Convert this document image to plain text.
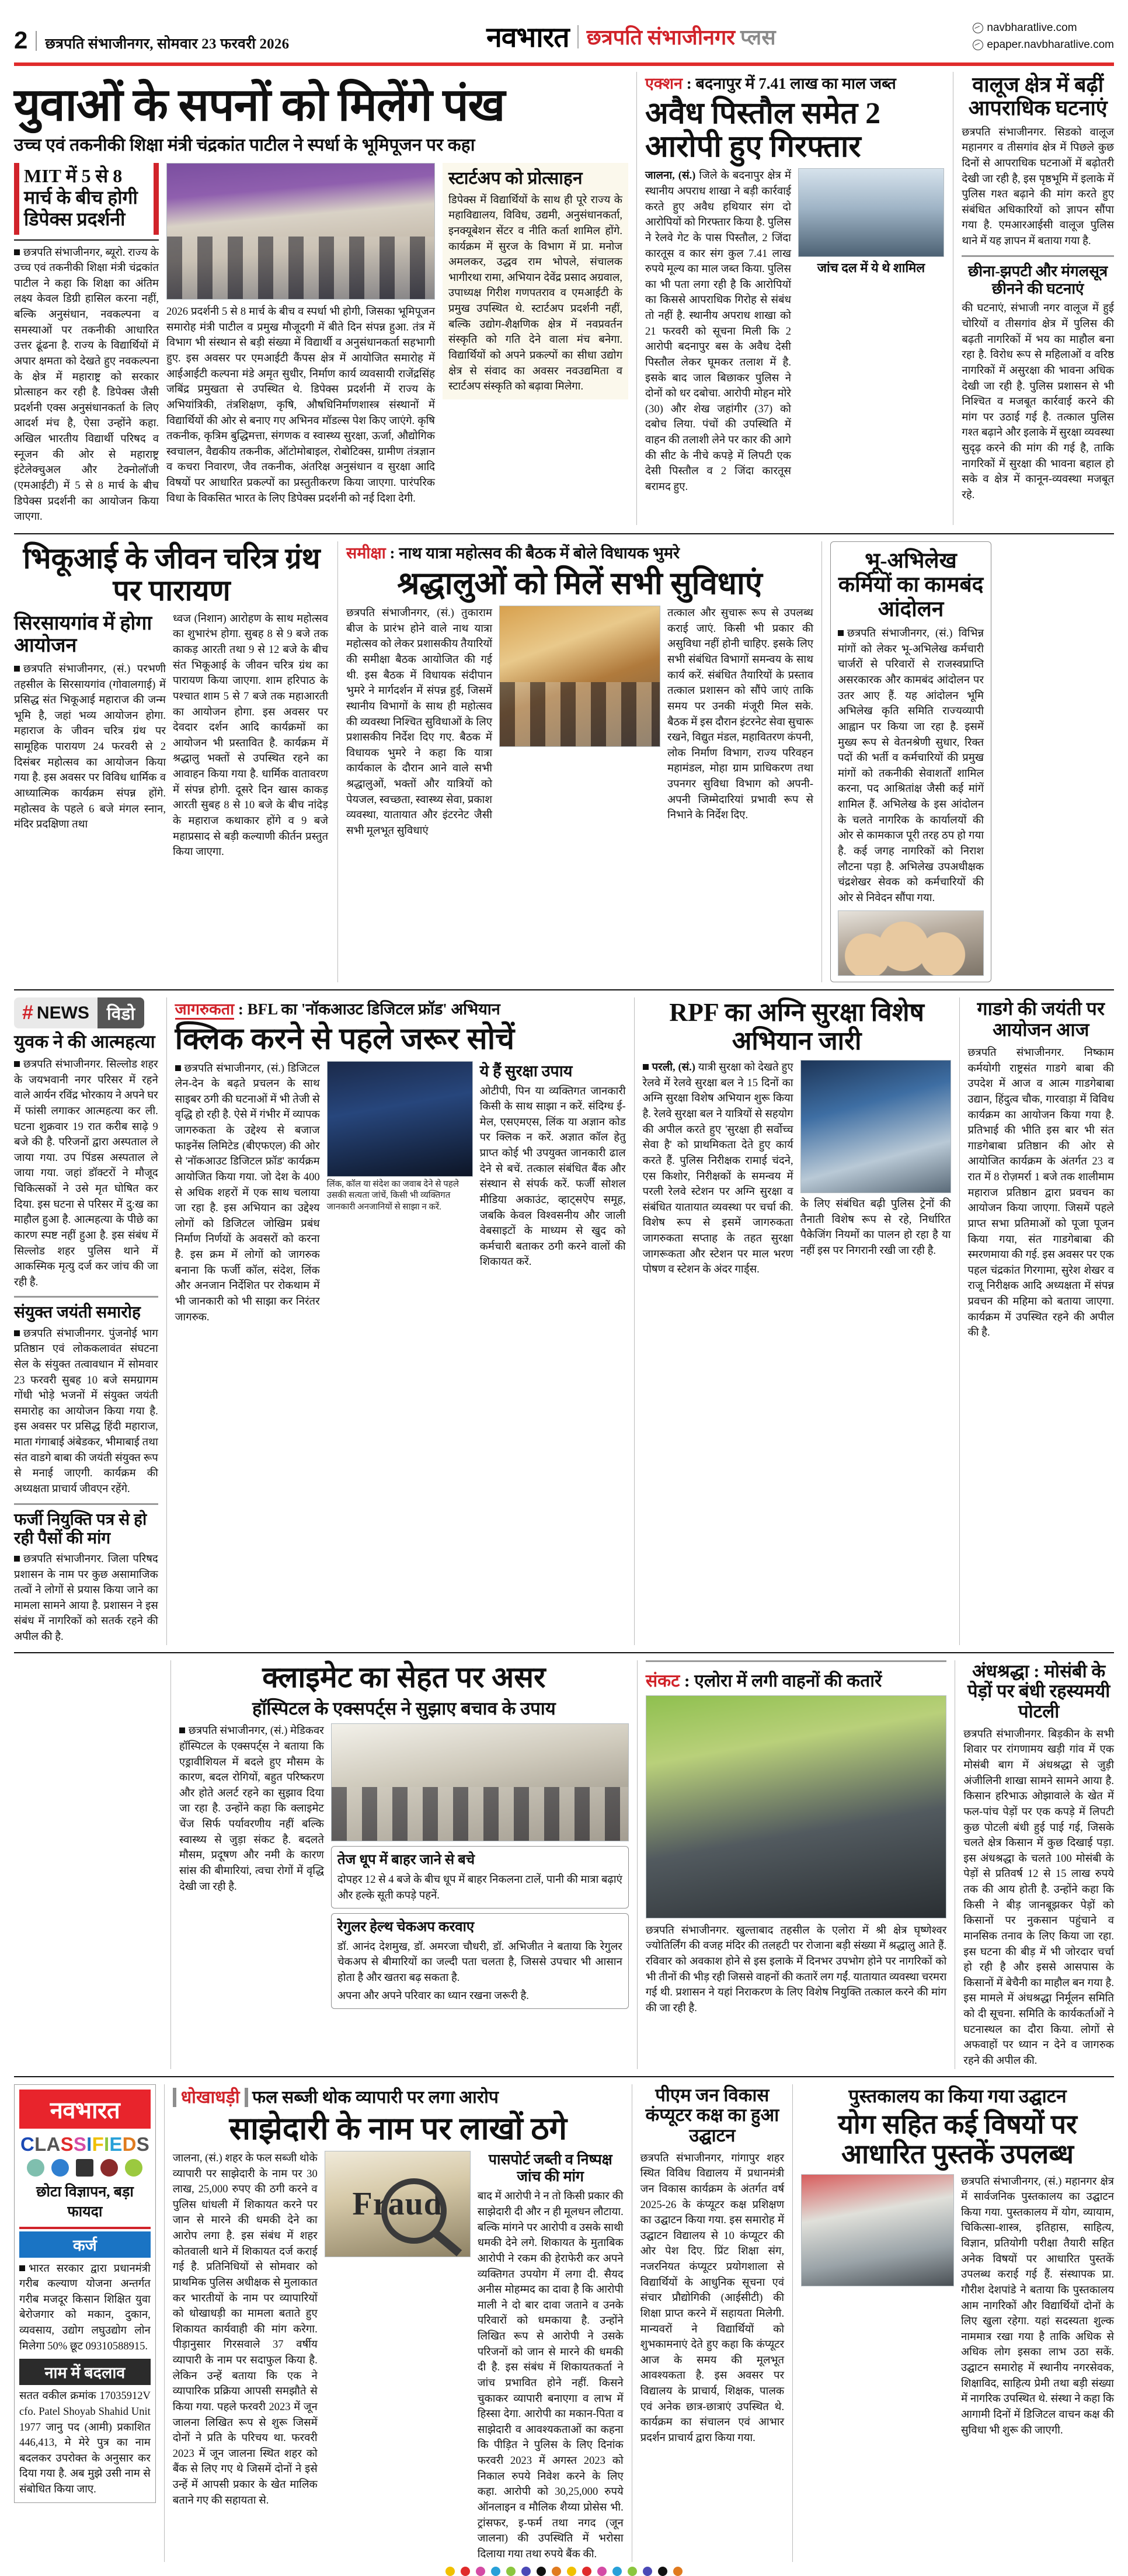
2 छत्रपति संभाजीनगर, सोमवार 23 फरवरी 2026	नवभारत छत्रपति संभाजीनगर प्लस	navbharatlive.com
epaper.navbharatlive.com
युवाओं के सपनों को मिलेंगे पंख
उच्च एवं तकनीकी शिक्षा मंत्री चंद्रकांत पाटील ने स्पर्धा के भूमिपूजन पर कहा
MIT में 5 से 8 मार्च के बीच होगी डिपेक्स प्रदर्शनी
छत्रपति संभाजीनगर, ब्यूरो. राज्य के उच्च एवं तकनीकी शिक्षा मंत्री चंद्रकांत पाटील ने कहा कि शिक्षा का अंतिम लक्ष्य केवल डिग्री हासिल करना नहीं, बल्कि अनुसंधान, नवकल्पना व समस्याओं पर तकनीकी आधारित उत्तर ढूंढना है. राज्य के विद्यार्थियों में अपार क्षमता को देखते हुए नवकल्पना के क्षेत्र में महाराष्ट्र को सरकार प्रोत्साहन कर रही है. डिपेक्स जैसी प्रदर्शनी एक्स अनुसंधानकर्ता के लिए आदर्श मंच है, ऐसा उन्होंने कहा. अखिल भारतीय विद्यार्थी परिषद व स्नूजन की ओर से महाराष्ट्र इंटेलेक्चुअल और टेक्नोलॉजी (एमआईटी) में 5 से 8 मार्च के बीच डिपेक्स प्रदर्शनी का आयोजन किया जाएगा.
2026 प्रदर्शनी 5 से 8 मार्च के बीच व स्पर्धा भी होगी, जिसका भूमिपूजन समारोह मंत्री पाटील व प्रमुख मौजूदगी में बीते दिन संपन्न हुआ. तंत्र में विभाग भी संस्थान से बड़ी संख्या में विद्यार्थी व अनुसंधानकर्ता सहभागी हुए. इस अवसर पर एमआईटी कैंपस क्षेत्र में आयोजित समारोह में आईआईटी कल्पना मंडे अमृत सुधीर, निर्माण कार्य व्यवसायी राजेंद्रसिंह जबिंद्र प्रमुखता से उपस्थित थे. डिपेक्स प्रदर्शनी में राज्य के अभियांत्रिकी, तंत्रशिक्षण, कृषि, औषधिनिर्माणशास्त्र संस्थानों में विद्यार्थियों की ओर से बनाए गए अभिनव मॉडल्स पेश किए जाएंगे. कृषि तकनीक, कृत्रिम बुद्धिमत्ता, संगणक व स्वास्थ्य सुरक्षा, ऊर्जा, औद्योगिक स्वचालन, वैद्यकीय तकनीक, ऑटोमोबाइल, रोबोटिक्स, ग्रामीण तंत्रज्ञान व कचरा निवारण, जैव तकनीक, अंतरिक्ष अनुसंधान व सुरक्षा आदि विषयों पर आधारित प्रकल्पों का प्रस्तुतीकरण किया जाएगा. पारंपरिक विधा के विकसित भारत के लिए डिपेक्स प्रदर्शनी को नई दिशा देगी.
स्टार्टअप को प्रोत्साहन
डिपेक्स में विद्यार्थियों के साथ ही पूरे राज्य के महाविद्यालय, विविध, उद्यमी, अनुसंधानकर्ता, इनक्यूबेशन सेंटर व नीति कर्ता शामिल होंगे. कार्यक्रम में सुरज के विभाग में प्रा. मनोज अमलकर, उद्धव राम भोपले, संचालक भागीरथा रामा, अभियान देवेंद्र प्रसाद अग्रवाल, उपाध्यक्ष गिरीश गणपतराव व एमआईटी के प्रमुख उपस्थित थे. स्टार्टअप प्रदर्शनी नहीं, बल्कि उद्योग-शैक्षणिक क्षेत्र में नवप्रवर्तन संस्कृति को गति देने वाला मंच बनेगा. विद्यार्थियों को अपने प्रकल्पों का सीधा उद्योग क्षेत्र से संवाद का अवसर नवउद्यमिता व स्टार्टअप संस्कृति को बढ़ावा मिलेगा.
एक्शन : बदनापुर में 7.41 लाख का माल जब्त
अवैध पिस्तौल समेत 2 आरोपी हुए गिरफ्तार
जालना, (सं.) जिले के बदनापुर क्षेत्र में स्थानीय अपराध शाखा ने बड़ी कार्रवाई करते हुए अवैध हथियार संग दो आरोपियों को गिरफ्तार किया है. पुलिस ने रेलवे गेट के पास पिस्तौल, 2 जिंदा कारतूस व कार संग कुल 7.41 लाख रुपये मूल्य का माल जब्त किया. पुलिस का भी पता लगा रही है कि आरोपियों का किससे आपराधिक गिरोह से संबंध तो नहीं है. स्थानीय अपराध शाखा को 21 फरवरी को सूचना मिली कि 2 आरोपी बदनापुर बस के अवैध देसी पिस्तौल लेकर घूमकर तलाश में है. इसके बाद जाल बिछाकर पुलिस ने दोनों को धर दबोचा. आरोपी मोहन मोरे (30) और शेख जहांगीर (37) को दबोच लिया. पंचों की उपस्थिति में वाहन की तलाशी लेने पर कार की आगे की सीट के नीचे कपड़े में लिपटी एक देसी पिस्तौल व 2 जिंदा कारतूस बरामद हुए.
जांच दल में ये थे शामिल
वालूज क्षेत्र में बढ़ीं आपराधिक घटनाएं
छत्रपति संभाजीनगर. सिडको वालूज महानगर व तीसगांव क्षेत्र में पिछले कुछ दिनों से आपराधिक घटनाओं में बढ़ोतरी देखी जा रही है, इस पृष्ठभूमि में इलाके में पुलिस गश्त बढ़ाने की मांग करते हुए संबंधित अधिकारियों को ज्ञापन सौंपा गया है. एमआरआईसी वालूज पुलिस थाने में यह ज्ञापन में बताया गया है.
छीना-झपटी और मंगलसूत्र छीनने की घटनाएं
की घटनाएं, संभाजी नगर वालूज में हुई चोरियों व तीसगांव क्षेत्र में पुलिस की बढ़ती नागरिकों में भय का माहौल बना रहा है. विरोध रूप से महिलाओं व वरिष्ठ नागरिकों में असुरक्षा की भावना अधिक देखी जा रही है. पुलिस प्रशासन से भी निश्चित व मजबूत कार्रवाई करने की मांग पर उठाई गई है. तत्काल पुलिस गश्त बढ़ाने और इलाके में सुरक्षा व्यवस्था सुदृढ़ करने की मांग की गई है, ताकि नागरिकों में सुरक्षा की भावना बहाल हो सके व क्षेत्र में कानून-व्यवस्था मजबूत रहे.
भिकूआई के जीवन चरित्र ग्रंथ पर पारायण
सिरसायगांव में होगा आयोजन
छत्रपति संभाजीनगर, (सं.) परभणी तहसील के सिरसायगांव (गोवालगाई) में प्रसिद्ध संत भिकूआई महाराज की जन्म भूमि है, जहां भव्य आयोजन होगा. महाराज के जीवन चरित्र ग्रंथ पर सामूहिक पारायण 24 फरवरी से 2 दिसंबर महोत्सव का आयोजन किया गया है. इस अवसर पर विविध धार्मिक व आध्यात्मिक कार्यक्रम संपन्न होंगे. महोत्सव के पहले 6 बजे मंगल स्नान, मंदिर प्रदक्षिणा तथा
ध्वज (निशान) आरोहण के साथ महोत्सव का शुभारंभ होगा. सुबह 8 से 9 बजे तक काकड़ आरती तथा 9 से 12 बजे के बीच संत भिकूआई के जीवन चरित्र ग्रंथ का पारायण किया जाएगा. शाम हरिपाठ के पश्चात शाम 5 से 7 बजे तक महाआरती का आयोजन होगा. इस अवसर पर देवदार दर्शन आदि कार्यक्रमों का आयोजन भी प्रस्तावित है. कार्यक्रम में श्रद्धालु भक्तों से उपस्थित रहने का आवाहन किया गया है. धार्मिक वातावरण में संपन्न होगी. दूसरे दिन खास काकड़ आरती सुबह 8 से 10 बजे के बीच नांदेड़ के महाराज कथाकार होंगे व 9 बजे महाप्रसाद से बड़ी कल्याणी कीर्तन प्रस्तुत किया जाएगा.
समीक्षा : नाथ यात्रा महोत्सव की बैठक में बोले विधायक भुमरे
श्रद्धालुओं को मिलें सभी सुविधाएं
छत्रपति संभाजीनगर, (सं.) तुकाराम बीज के प्रारंभ होने वाले नाथ यात्रा महोत्सव को लेकर प्रशासकीय तैयारियों की समीक्षा बैठक आयोजित की गई थी. इस बैठक में विधायक संदीपान भुमरे ने मार्गदर्शन में संपन्न हुई, जिसमें स्थानीय विभागों के साथ ही महोत्सव की व्यवस्था निश्चित सुविधाओं के लिए प्रशासकीय निर्देश दिए गए. बैठक में विधायक भुमरे ने कहा कि यात्रा कार्यकाल के दौरान आने वाले सभी श्रद्धालुओं, भक्तों और यात्रियों को पेयजल, स्वच्छता, स्वास्थ्य सेवा, प्रकाश व्यवस्था, यातायात और इंटरनेट जैसी सभी मूलभूत सुविधाएं
तत्काल और सुचारू रूप से उपलब्ध कराई जाएं. किसी भी प्रकार की असुविधा नहीं होनी चाहिए. इसके लिए सभी संबंधित विभागों समन्वय के साथ कार्य करें. संबंधित तैयारियों के प्रस्ताव तत्काल प्रशासन को सौंपे जाएं ताकि समय पर उनकी मंजूरी मिल सके. बैठक में इस दौरान इंटरनेट सेवा सुचारू रखने, विद्युत मंडल, महावितरण कंपनी, लोक निर्माण विभाग, राज्य परिवहन महामंडल, मोहा ग्राम प्राधिकरण तथा उपनगर सुविधा विभाग को अपनी-अपनी जिम्मेदारियां प्रभावी रूप से निभाने के निर्देश दिए.
भू-अभिलेख कर्मियों का कामबंद आंदोलन
छत्रपति संभाजीनगर, (सं.) विभिन्न मांगों को लेकर भू-अभिलेख कर्मचारी चार्जरों से परिवारों से राजस्वप्राप्ति असरकारक और कामबंद आंदोलन पर उतर आए हैं. यह आंदोलन भूमि अभिलेख कृति समिति राज्यव्यापी आह्वान पर किया जा रहा है. इसमें मुख्य रूप से वेतनश्रेणी सुधार, रिक्त पदों की भर्ती व कर्मचारियों की प्रमुख मांगों को तकनीकी सेवाशर्तों शामिल करना, पद आश्रितांक्ष जैसी कई मांगें शामिल हैं. अभिलेख के इस आंदोलन के चलते नागरिक के कार्यालयों की ओर से कामकाज पूरी तरह ठप हो गया है. कई जगह नागरिकों को निराश लौटना पड़ा है. अभिलेख उपअधीक्षक चंद्रशेखर सेवक को कर्मचारियों की ओर से निवेदन सौंपा गया.
# NEWS	विडो
युवक ने की आत्महत्या
छत्रपति संभाजीनगर. सिल्लोड शहर के जयभवानी नगर परिसर में रहने वाले आर्यन रविंद्र भोरकाय ने अपने घर में फांसी लगाकर आत्महत्या कर ली. घटना शुक्रवार 19 रात करीब साढ़े 9 बजे की है. परिजनों द्वारा अस्पताल ले जाया गया. उप पिंडस अस्पताल ले जाया गया. जहां डॉक्टरों ने मौजूद चिकित्सकों ने उसे मृत घोषित कर दिया. इस घटना से परिसर में दु:ख का माहौल हुआ है. आत्महत्या के पीछे का कारण स्पष्ट नहीं हुआ है. इस संबंध में सिल्लोड शहर पुलिस थाने में आकस्मिक मृत्यु दर्ज कर जांच की जा रही है.
संयुक्त जयंती समारोह
छत्रपति संभाजीनगर. पुंजनोई भाग प्रतिष्ठान एवं लोककलावंत संघटना सेल के संयुक्त तत्वावधान में सोमवार 23 फरवरी सुबह 10 बजे समग्रागम गोंधी भोड़े भजनों में संयुक्त जयंती समारोह का आयोजन किया गया है. इस अवसर पर प्रसिद्ध हिंदी महाराज, माता गंगाबाई अंबेडकर, भीमाबाई तथा संत वाडगे बाबा की जयंती संयुक्त रूप से मनाई जाएगी. कार्यक्रम की अध्यक्षता प्राचार्य जीवएन रहेंगे.
फर्जी नियुक्ति पत्र से हो रही पैसों की मांग
छत्रपति संभाजीनगर. जिला परिषद प्रशासन के नाम पर कुछ असामाजिक तत्वों ने लोगों से प्रयास किया जाने का मामला सामने आया है. प्रशासन ने इस संबंध में नागरिकों को सतर्क रहने की अपील की है.
जागरुकता : BFL का 'नॉकआउट डिजिटल फ्रॉड' अभियान
क्लिक करने से पहले जरूर सोचें
छत्रपति संभाजीनगर, (सं.) डिजिटल लेन-देन के बढ़ते प्रचलन के साथ साइबर ठगी की घटनाओं में भी तेजी से वृद्धि हो रही है. ऐसे में गंभीर में व्यापक जागरुकता के उद्देश्य से बजाज फाइनेंस लिमिटेड (बीएफएल) की ओर से 'नॉकआउट डिजिटल फ्रॉड' कार्यक्रम आयोजित किया गया. जो देश के 400 से अधिक शहरों में एक साथ चलाया जा रहा है. इस अभियान का उद्देश्य लोगों को डिजिटल जोखिम प्रबंध निर्माण निर्णयों के अवसरों को करना है. इस क्रम में लोगों को जागरुक बनाना कि फर्जी कॉल, संदेश, लिंक और अनजान निर्देशित पर रोकथाम में भी जानकारी को भी साझा कर निरंतर जागरुक.
लिंक, कॉल या संदेश का जवाब देने से पहले उसकी सत्यता जांचें, किसी भी व्यक्तिगत जानकारी अनजानियों से साझा न करें.
ये हैं सुरक्षा उपाय
ओटीपी, पिन या व्यक्तिगत जानकारी किसी के साथ साझा न करें. संदिग्ध ई-मेल, एसएमएस, लिंक या अज्ञान कोड पर क्लिक न करें. अज्ञात कॉल हेतु प्राप्त कोई भी उपयुक्त जानकारी ढाल देने से बचें. तत्काल संबंधित बैंक और संस्थान से संपर्क करें. फर्जी सोशल मीडिया अकाउंट, व्हाट्सऐप समूह, जबकि केवल विश्वसनीय और जाली वेबसाइटों के माध्यम से खुद को कर्मचारी बताकर ठगी करने वालों की शिकायत करें.
RPF का अग्नि सुरक्षा विशेष अभियान जारी
परली, (सं.) यात्री सुरक्षा को देखते हुए रेलवे में रेलवे सुरक्षा बल ने 15 दिनों का अग्नि सुरक्षा विशेष अभियान शुरू किया है. रेलवे सुरक्षा बल ने यात्रियों से सहयोग की अपील करते हुए 'सुरक्षा ही सर्वोच्च सेवा है' को प्राथमिकता देते हुए कार्य करते हैं. पुलिस निरीक्षक रामाई चंदने, एस किशोर, निरीक्षकों के समन्वय में परली रेलवे स्टेशन पर अग्नि सुरक्षा व संबंधित यातायात व्यवस्था पर चर्चा की. विशेष रूप से इसमें जागरुकता जागरुकता सप्ताह के तहत सुरक्षा जागरूकता और स्टेशन पर माल भरण पोषण व स्टेशन के अंदर गार्ड्स.
के लिए संबंधित बढ़ी पुलिस ट्रेनों की तैनाती विशेष रूप से रहे, निर्धारित पैकेजिंग नियमों का पालन हो रहा है या नहीं इस पर निगरानी रखी जा रही है.
गाडगे की जयंती पर आयोजन आज
छत्रपति संभाजीनगर. निष्काम कर्मयोगी राष्ट्रसंत गाडगे बाबा की उपदेश में आज व आत्म गाडगेबाबा उद्यान, हिंदुत्व चौक, गारवाड़ा में विविध कार्यक्रम का आयोजन किया गया है. प्रतिभाई की भीति इस बार भी संत गाडगेबाबा प्रतिष्ठान की ओर से आयोजित कार्यक्रम के अंतर्गत 23 व रात में 8 रोज़मर्रा 1 बजे तक शालीमाम महाराज प्रतिष्ठान द्वारा प्रवचन का आयोजन किया जाएगा. जिसमें पहले प्राप्त सभा प्रतिमाओं को पूजा पूजन किया गया, संत गाडगेबाबा की स्मरणमाया की गई. इस अवसर पर एक पहल चंद्रकांत गिरगामा, सुरेश शेखर व राजू निरीक्षक आदि अध्यक्षता में संपन्न प्रवचन की महिमा को बताया जाएगा. कार्यक्रम में उपस्थित रहने की अपील की है.
क्लाइमेट का सेहत पर असर
हॉस्पिटल के एक्सपर्ट्स ने सुझाए बचाव के उपाय
छत्रपति संभाजीनगर, (सं.) मेडिकवर हॉस्पिटल के एक्सपर्ट्स ने बताया कि एड्रावीशियल में बदले हुए मौसम के कारण, बदल रोगियों, बहुत परिष्करण और होते अलर्ट रहने का सुझाव दिया जा रहा है. उन्होंने कहा कि क्लाइमेट चेंज सिर्फ पर्यावरणीय नहीं बल्कि स्वास्थ्य से जुड़ा संकट है. बदलते मौसम, प्रदूषण और नमी के कारण सांस की बीमारियां, त्वचा रोगों में वृद्धि देखी जा रही है.
तेज धूप में बाहर जाने से बचे
दोपहर 12 से 4 बजे के बीच धूप में बाहर निकलना टालें, पानी की मात्रा बढ़ाएं और हल्के सूती कपड़े पहनें.
रेगुलर हेल्थ चेकअप करवाए
डॉ. आनंद देशमुख, डॉ. अमरजा चौधरी, डॉ. अभिजीत ने बताया कि रेगुलर चेकअप से बीमारियों का जल्दी पता चलता है, जिससे उपचार भी आसान होता है और खतरा बढ़ सकता है.
अपना और अपने परिवार का ध्यान रखना जरूरी है.
संकट : एलोरा में लगी वाहनों की कतारें
छत्रपति संभाजीनगर. खुल्ताबाद तहसील के एलोरा में श्री क्षेत्र घृष्णेश्वर ज्योतिर्लिंग की वजह मंदिर की तलहटी पर रोजाना बड़ी संख्या में श्रद्धालु आते हैं. रविवार को अवकाश होने से इस इलाके में दिनभर उपभोग होने पर नागरिकों को भी तीनों की भीड़ रही जिससे वाहनों की कतारें लग गईं. यातायात व्यवस्था चरमरा गई थी. प्रशासन ने यहां निराकरण के लिए विशेष नियुक्ति तत्काल करने की मांग की जा रही है.
अंधश्रद्धा : मोसंबी के पेड़ों पर बंधी रहस्यमयी पोटली
छत्रपति संभाजीनगर. बिड़कीन के सभी शिवार पर रांगणामय खड़ी गांव में एक मोसंबी बाग में अंधश्रद्धा से जुड़ी अंजीलिनी शाखा सामने सामने आया है. किसान हरिभाऊ ओझावाले के खेत में फल-पांच पेड़ों पर एक कपड़े में लिपटी कुछ पोटली बंधी हुई पाई गई, जिसके चलते क्षेत्र किसान में कुछ दिखाई पड़ा. इस अंधश्रद्धा के चलते 100 मोसंबी के पेड़ों से प्रतिवर्ष 12 से 15 लाख रुपये तक की आय होती है. उन्होंने कहा कि किसी ने बीड़ जानबूझकर पेड़ों को किसानों पर नुकसान पहुंचाने व मानसिक तनाव के लिए किया जा रहा. इस घटना की बीड़ में भी जोरदार चर्चा हो रही है और इससे आसपास के किसानों में बेचैनी का माहौल बन गया है. इस मामले में अंधश्रद्धा निर्मूलन समिति को दी सूचना. समिति के कार्यकर्ताओं ने घटनास्थल का दौरा किया. लोगों से अफवाहों पर ध्यान न देने व जागरुक रहने की अपील की.
नवभारत
C L A S S I F I E D S
छोटा विज्ञापन, बड़ा फायदा
कर्ज
भारत सरकार द्वारा प्रधानमंत्री गरीब कल्याण योजना अन्तर्गत गरीब मजदूर किसान शिक्षित युवा बेरोजगार को मकान, दुकान, व्यवसाय, उद्योग लघुउद्योग लोन मिलेगा 50% छूट 09310588915.
नाम में बदलाव
सतत वकील क्रमांक 17035912V cfo. Patel Shoyab Shahid Unit 1977 जानु पद (आमी) प्रकाशित 446,413, मे मेरे पुत्र का नाम बदलकर उपरोक्त के अनुसार कर दिया गया है. अब मुझे उसी नाम से संबोधित किया जाए.
धोखाधड़ी फल सब्जी थोक व्यापारी पर लगा आरोप
साझेदारी के नाम पर लाखों ठगे
जालना, (सं.) शहर के फल सब्जी थोके व्यापारी पर साझेदारी के नाम पर 30 लाख, 25,000 रुपए की ठगी करने व पुलिस धांधली में शिकायत करने पर जान से मारने की धमकी देने का आरोप लगा है. इस संबंध में शहर कोतवाली थाने में शिकायत दर्ज कराई गई है. प्रतिनिधियों से सोमवार को प्राथमिक पुलिस अधीक्षक से मुलाकात कर भारतीयों के नाम पर व्यापारियों को धोखाधड़ी का मामला बताते हुए शिकायत कार्यवाही की मांग करेगा. पीड़ानुसार गिरसवाले 37 वर्षीय व्यापारी के नाम पर सदाफुल किया है. लेकिन उन्हें बताया कि एक ने व्यापारिक प्रक्रिया आपसी समझौते से किया गया. पहले फरवरी 2023 में जून जालना लिखित रूप से शुरू जिसमें दोनों ने प्रति के परिचय था. फरवरी 2023 में जून जालना स्थित शहर को बैंक से लिए गए थे जिसमें दोनों ने इसे उन्हें में आपसी प्रकार के खेत मालिक बताने गए की सहायता से.
Fraud
पासपोर्ट जब्ती व निष्पक्ष जांच की मांग
बाद में आरोपी ने न तो किसी प्रकार की साझेदारी दी और न ही मूलधन लौटाया. बल्कि मांगने पर आरोपी व उसके साथी धमकी देने लगे. शिकायत के मुताबिक आरोपी ने रकम की हेराफेरी कर अपने व्यक्तिगत उपयोग में लगा दी. सैयद अनीस मोहम्मद का दावा है कि आरोपी माली ने दो बार दावा जताने व उनके परिवारों को धमकाया है. उन्होंने लिखित रूप से आरोपी ने उसके परिजनों को जान से मारने की धमकी दी है. इस संबंध में शिकायतकर्ता ने जांच प्रभावित होने नहीं. किसने चुकाकर व्यापारी बनाएगा व लाभ में हिस्सा देगा. आरोपी का मकान-पिता व साझेदारी व आवश्यकताओं का कहना कि पीड़ित ने पुलिस के लिए दिनांक फरवरी 2023 में अगस्त 2023 को निकाल रुपये निवेश करने के लिए कहा. आरोपी को 30,25,000 रुपये ऑनलाइन व मौलिक शैय्या प्रोसेस भी. ट्रांसफर, इ-फर्म तथा नगद (जून जालना) की उपस्थिति में भरोसा दिलाया गया तथा रुपये बैंक की.
पीएम जन विकास कंप्यूटर कक्ष का हुआ उद्घाटन
छत्रपति संभाजीनगर, गांगापुर शहर स्थित विविध विद्यालय में प्रधानमंत्री जन विकास कार्यक्रम के अंतर्गत वर्ष 2025-26 के कंप्यूटर कक्ष प्रशिक्षण का उद्घाटन किया गया. इस समारोह में उद्घाटन विद्यालय से 10 कंप्यूटर की ओर पेश दिए. प्रिंट शिक्षा संग, नजरनियत कंप्यूटर प्रयोगशाला से विद्यार्थियों के आधुनिक सूचना एवं संचार प्रौद्योगिकी (आईसीटी) की शिक्षा प्राप्त करने में सहायता मिलेगी. मान्यवरों ने विद्यार्थियों को शुभकामनाएं देते हुए कहा कि कंप्यूटर आज के समय की मूलभूत आवश्यकता है. इस अवसर पर विद्यालय के प्राचार्य, शिक्षक, पालक एवं अनेक छात्र-छात्राएं उपस्थित थे. कार्यक्रम का संचालन एवं आभार प्रदर्शन प्राचार्य द्वारा किया गया.
पुस्तकालय का किया गया उद्घाटन
योग सहित कई विषयों पर आधारित पुस्तकें उपलब्ध
छत्रपति संभाजीनगर, (सं.) महानगर क्षेत्र में सार्वजनिक पुस्तकालय का उद्घाटन किया गया. पुस्तकालय में योग, व्यायाम, चिकित्सा-शास्त्र, इतिहास, साहित्य, विज्ञान, प्रतियोगी परीक्षा तैयारी सहित अनेक विषयों पर आधारित पुस्तकें उपलब्ध कराई गई हैं. संस्थापक प्रा. गौरीश देशपांडे ने बताया कि पुस्तकालय आम नागरिकों और विद्यार्थियों दोनों के लिए खुला रहेगा. यहां सदस्यता शुल्क नाममात्र रखा गया है ताकि अधिक से अधिक लोग इसका लाभ उठा सकें. उद्घाटन समारोह में स्थानीय नगरसेवक, शिक्षाविद, साहित्य प्रेमी तथा बड़ी संख्या में नागरिक उपस्थित थे. संस्था ने कहा कि आगामी दिनों में डिजिटल वाचन कक्ष की सुविधा भी शुरू की जाएगी.
